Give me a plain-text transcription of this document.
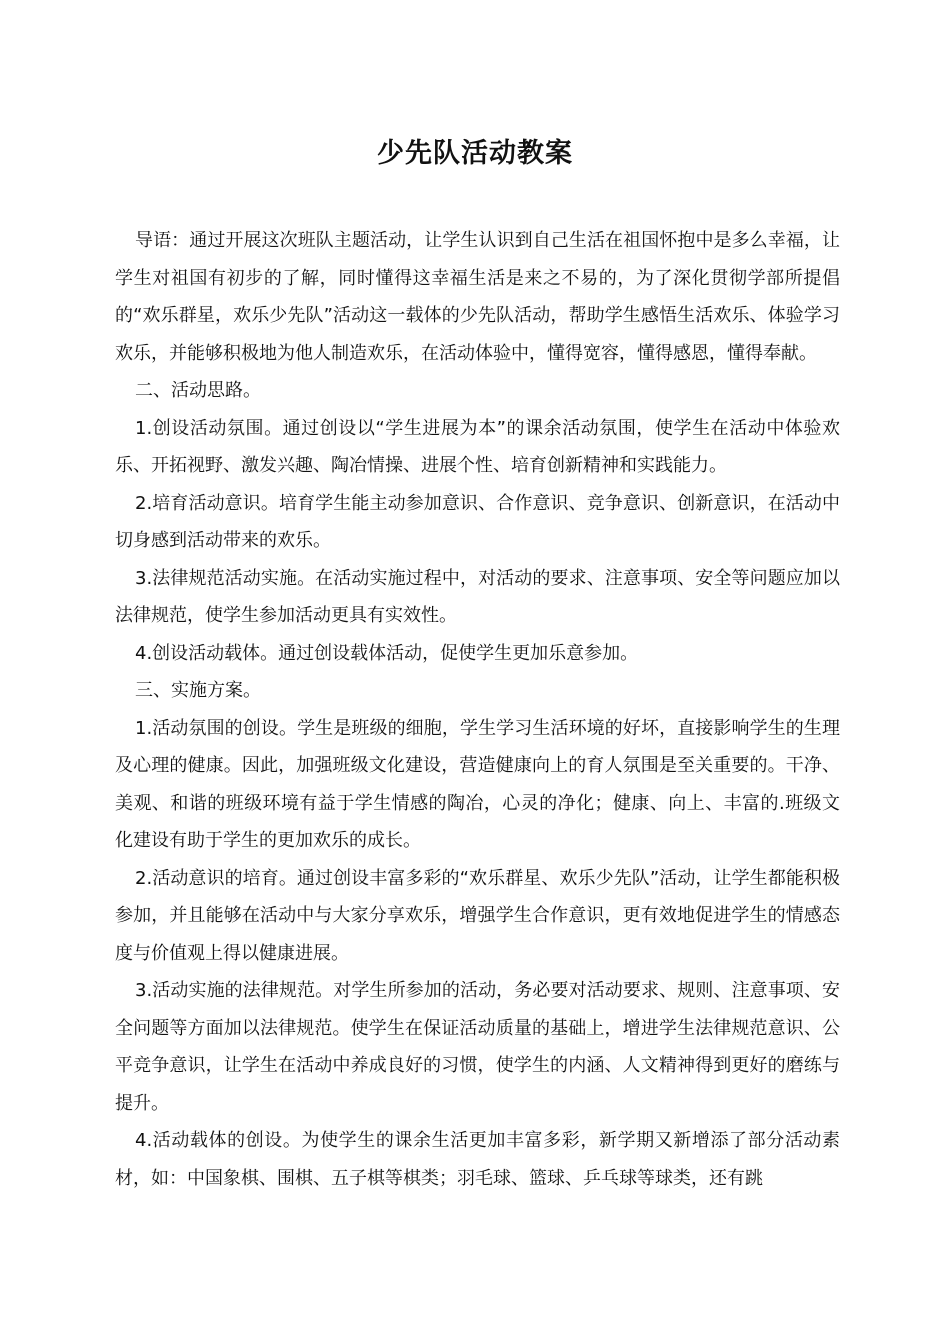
少先队活动教案

导语：通过开展这次班队主题活动，让学生认识到自己生活在祖国怀抱中是多么幸福，让学生对祖国有初步的了解，同时懂得这幸福生活是来之不易的，为了深化贯彻学部所提倡的“欢乐群星，欢乐少先队”活动这一载体的少先队活动，帮助学生感悟生活欢乐、体验学习欢乐，并能够积极地为他人制造欢乐，在活动体验中，懂得宽容，懂得感恩，懂得奉献。

二、活动思路。

1.创设活动氛围。通过创设以“学生进展为本”的课余活动氛围，使学生在活动中体验欢乐、开拓视野、激发兴趣、陶冶情操、进展个性、培育创新精神和实践能力。

2.培育活动意识。培育学生能主动参加意识、合作意识、竞争意识、创新意识，在活动中切身感到活动带来的欢乐。

3.法律规范活动实施。在活动实施过程中，对活动的要求、注意事项、安全等问题应加以法律规范，使学生参加活动更具有实效性。

4.创设活动载体。通过创设载体活动，促使学生更加乐意参加。

三、实施方案。

1.活动氛围的创设。学生是班级的细胞，学生学习生活环境的好坏，直接影响学生的生理及心理的健康。因此，加强班级文化建设，营造健康向上的育人氛围是至关重要的。干净、美观、和谐的班级环境有益于学生情感的陶冶，心灵的净化；健康、向上、丰富的.班级文化建设有助于学生的更加欢乐的成长。

2.活动意识的培育。通过创设丰富多彩的“欢乐群星、欢乐少先队”活动，让学生都能积极参加，并且能够在活动中与大家分享欢乐，增强学生合作意识，更有效地促进学生的情感态度与价值观上得以健康进展。

3.活动实施的法律规范。对学生所参加的活动，务必要对活动要求、规则、注意事项、安全问题等方面加以法律规范。使学生在保证活动质量的基础上，增进学生法律规范意识、公平竞争意识，让学生在活动中养成良好的习惯，使学生的内涵、人文精神得到更好的磨练与提升。

4.活动载体的创设。为使学生的课余生活更加丰富多彩，新学期又新增添了部分活动素材，如：中国象棋、围棋、五子棋等棋类；羽毛球、篮球、乒乓球等球类，还有跳
